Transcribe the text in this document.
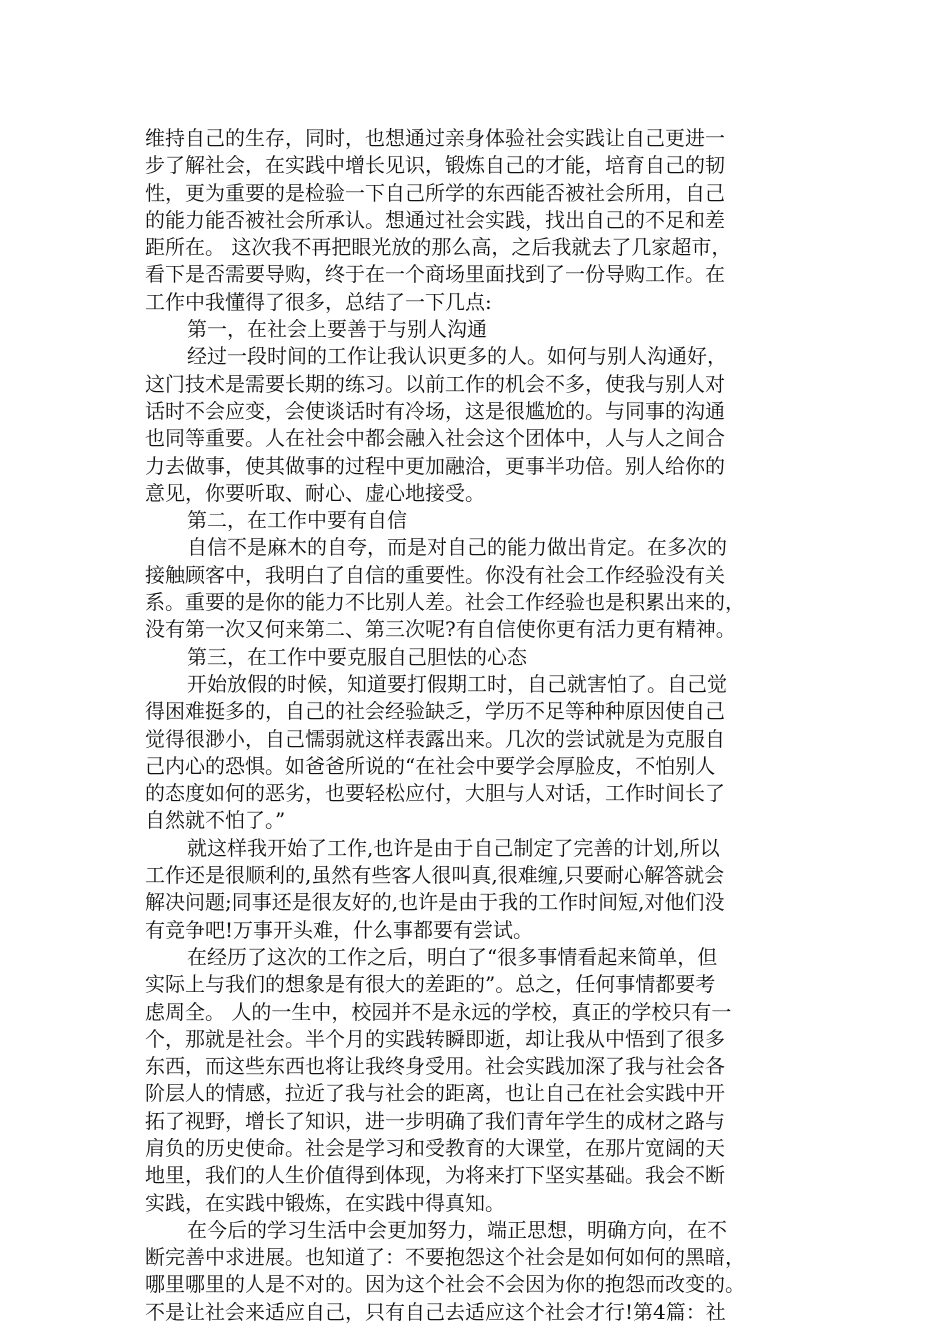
维持自己的生存，同时，也想通过亲身体验社会实践让自己更进一
步了解社会，在实践中增长见识，锻炼自己的才能，培育自己的韧
性，更为重要的是检验一下自己所学的东西能否被社会所用，自己
的能力能否被社会所承认。想通过社会实践，找出自己的不足和差
距所在。 这次我不再把眼光放的那么高，之后我就去了几家超市，
看下是否需要导购，终于在一个商场里面找到了一份导购工作。在
工作中我懂得了很多，总结了一下几点:
第一，在社会上要善于与别人沟通
经过一段时间的工作让我认识更多的人。如何与别人沟通好，
这门技术是需要长期的练习。以前工作的机会不多，使我与别人对
话时不会应变，会使谈话时有冷场，这是很尴尬的。与同事的沟通
也同等重要。人在社会中都会融入社会这个团体中，人与人之间合
力去做事，使其做事的过程中更加融洽，更事半功倍。别人给你的
意见，你要听取、耐心、虚心地接受。
第二，在工作中要有自信
自信不是麻木的自夸，而是对自己的能力做出肯定。在多次的
接触顾客中，我明白了自信的重要性。你没有社会工作经验没有关
系。重要的是你的能力不比别人差。社会工作经验也是积累出来的，
没有第一次又何来第二、第三次呢?有自信使你更有活力更有精神。
第三，在工作中要克服自己胆怯的心态
开始放假的时候，知道要打假期工时，自己就害怕了。自己觉
得困难挺多的，自己的社会经验缺乏，学历不足等种种原因使自己
觉得很渺小，自己懦弱就这样表露出来。几次的尝试就是为克服自
己内心的恐惧。如爸爸所说的“在社会中要学会厚脸皮，不怕别人
的态度如何的恶劣，也要轻松应付，大胆与人对话，工作时间长了
自然就不怕了。”
就这样我开始了工作,也许是由于自己制定了完善的计划,所以
工作还是很顺利的,虽然有些客人很叫真,很难缠,只要耐心解答就会
解决问题;同事还是很友好的,也许是由于我的工作时间短,对他们没
有竞争吧!万事开头难，什么事都要有尝试。
在经历了这次的工作之后，明白了“很多事情看起来简单，但
实际上与我们的想象是有很大的差距的”。总之，任何事情都要考
虑周全。 人的一生中，校园并不是永远的学校，真正的学校只有一
个，那就是社会。半个月的实践转瞬即逝，却让我从中悟到了很多
东西，而这些东西也将让我终身受用。社会实践加深了我与社会各
阶层人的情感，拉近了我与社会的距离，也让自己在社会实践中开
拓了视野，增长了知识，进一步明确了我们青年学生的成材之路与
肩负的历史使命。社会是学习和受教育的大课堂，在那片宽阔的天
地里，我们的人生价值得到体现，为将来打下坚实基础。我会不断
实践，在实践中锻炼，在实践中得真知。
在今后的学习生活中会更加努力，端正思想，明确方向，在不
断完善中求进展。也知道了：不要抱怨这个社会是如何如何的黑暗，
哪里哪里的人是不对的。因为这个社会不会因为你的抱怨而改变的。
不是让社会来适应自己，只有自己去适应这个社会才行!第4篇：社
